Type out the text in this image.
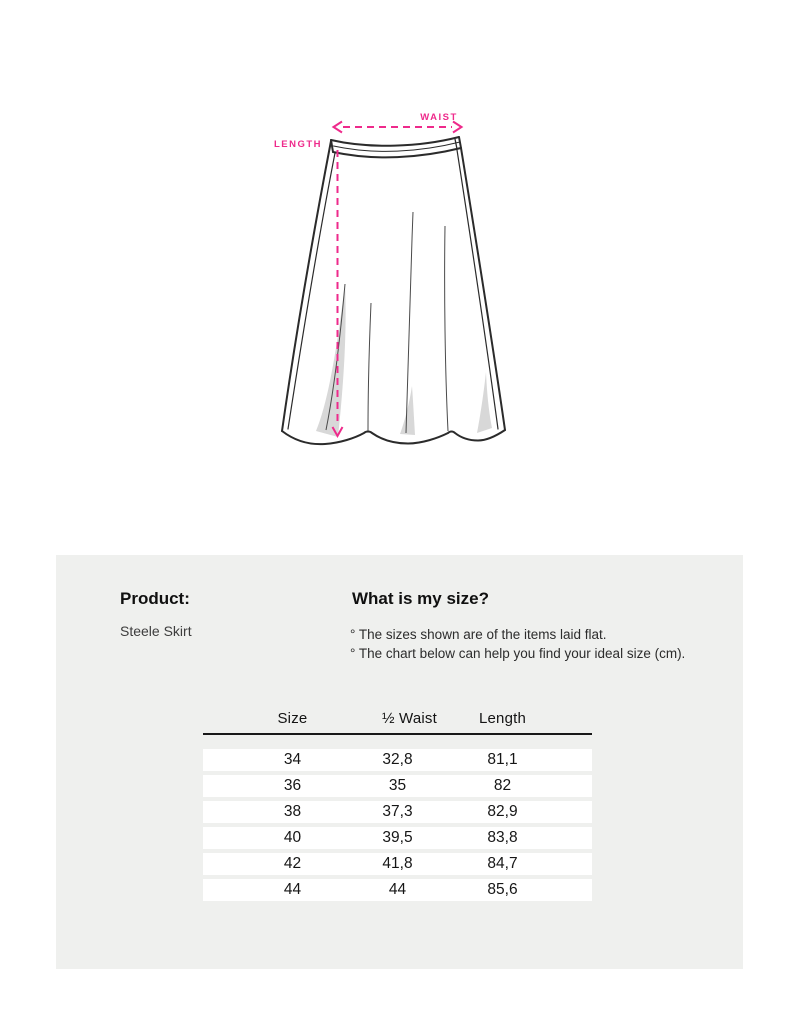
WAIST
LENGTH
Product:
Steele Skirt
What is my size?
° The sizes shown are of the items laid flat.
° The chart below can help you find your ideal size (cm).
Size	½ Waist	Length
34	32,8	81,1
36	35	82
38	37,3	82,9
40	39,5	83,8
42	41,8	84,7
44	44	85,6
